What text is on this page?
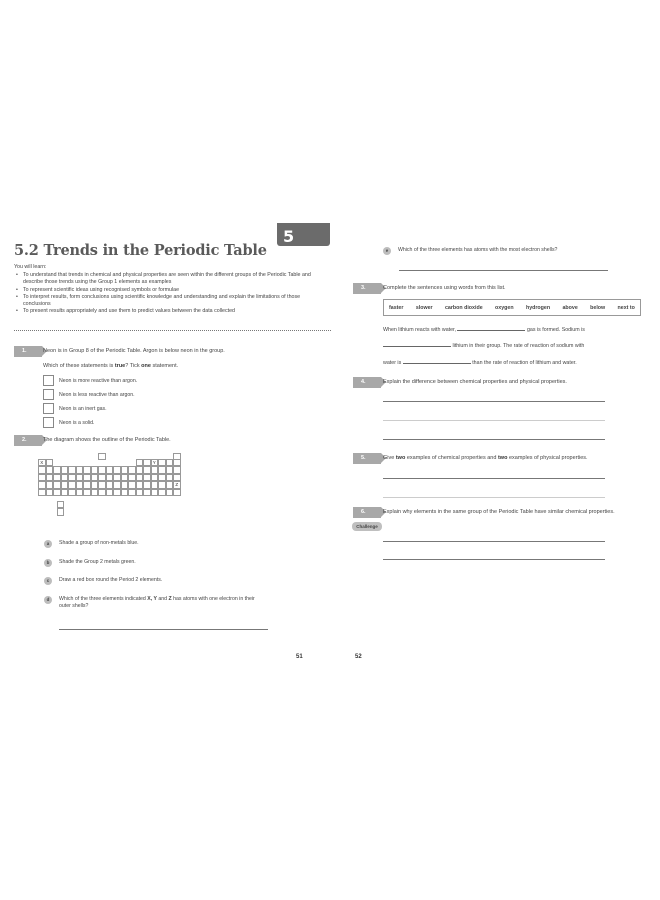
5
5.2 Trends in the Periodic Table
You will learn:
• To understand that trends in chemical and physical properties are seen within the different groups of the Periodic Table and describe those trends using the Group 1 elements as examples
• To represent scientific ideas using recognised symbols or formulae
• To interpret results, form conclusions using scientific knowledge and understanding and explain the limitations of those conclusions
• To present results appropriately and use them to predict values between the data collected
1.	Neon is in Group 8 of the Periodic Table. Argon is below neon in the group.
Which of these statements is true? Tick one statement.
Neon is more reactive than argon.
Neon is less reactive than argon.
Neon is an inert gas.
Neon is a solid.
2.	The diagram shows the outline of the Periodic Table.
X	Y
Z
a	Shade a group of non-metals blue.
b	Shade the Group 2 metals green.
c	Draw a red box round the Period 2 elements.
d	Which of the three elements indicated X, Y and Z has atoms with one electron in their outer shells?
51
e	Which of the three elements has atoms with the most electron shells?
3.	Complete the sentences using words from this list.
faster slower carbon dioxide oxygen hydrogen above below next to
When lithium reacts with water,	gas is formed. Sodium is
lithium in their group. The rate of reaction of sodium with
water is	than the rate of reaction of lithium and water.
4.	Explain the difference between chemical properties and physical properties.
5.	Give two examples of chemical properties and two examples of physical properties.
6.
Challenge
Explain why elements in the same group of the Periodic Table have similar chemical properties.
52
